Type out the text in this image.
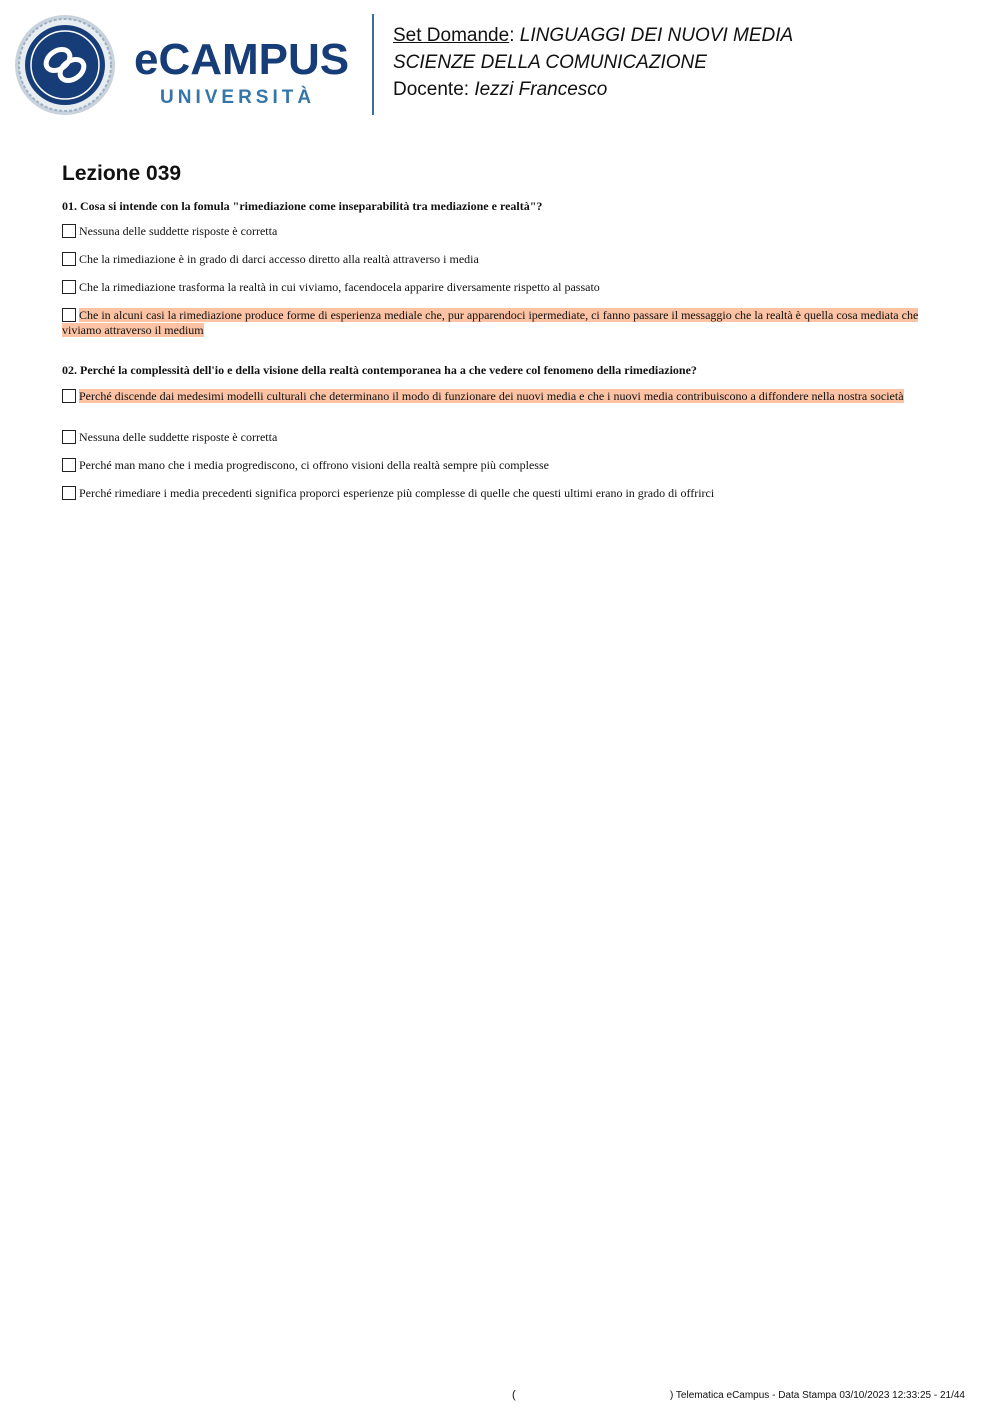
eCAMPUS
UNIVERSITÀ
Set Domande: LINGUAGGI DEI NUOVI MEDIA
SCIENZE DELLA COMUNICAZIONE
Docente: Iezzi Francesco
Lezione 039

01. Cosa si intende con la fomula "rimediazione come inseparabilità tra mediazione e realtà"?

Nessuna delle suddette risposte è corretta
Che la rimediazione è in grado di darci accesso diretto alla realtà attraverso i media
Che la rimediazione trasforma la realtà in cui viviamo, facendocela apparire diversamente rispetto al passato
Che in alcuni casi la rimediazione produce forme di esperienza mediale che, pur apparendoci ipermediate, ci fanno passare il messaggio che la realtà è quella cosa mediata che viviamo attraverso il medium

02. Perché la complessità dell'io e della visione della realtà contemporanea ha a che vedere col fenomeno della rimediazione?

Perché discende dai medesimi modelli culturali che determinano il modo di funzionare dei nuovi media e che i nuovi media contribuiscono a diffondere nella nostra società
Nessuna delle suddette risposte è corretta
Perché man mano che i media progrediscono, ci offrono visioni della realtà sempre più complesse
Perché rimediare i media precedenti significa proporci esperienze più complesse di quelle che questi ultimi erano in grado di offrirci
(	) Telematica eCampus - Data Stampa 03/10/2023 12:33:25 - 21/44
